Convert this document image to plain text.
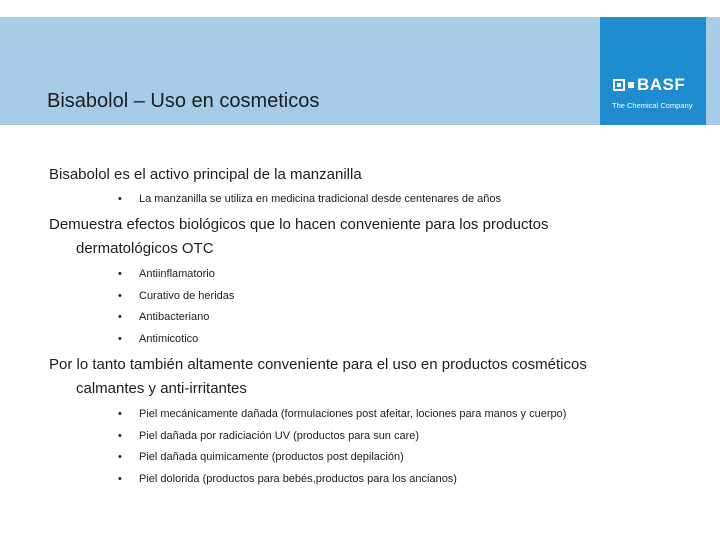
Bisabolol – Uso en cosmeticos
BASF
The Chemical Company
Bisabolol es el activo principal de la manzanilla
• La manzanilla se utiliza en medicina tradicional desde centenares de años
Demuestra efectos biológicos que lo hacen conveniente para los productos
dermatológicos OTC
• Antiinflamatorio
• Curativo de heridas
• Antibacteriano
• Antimicotico
Por lo tanto también altamente conveniente para el uso en productos cosméticos
calmantes y anti-irritantes
• Piel mecánicamente dañada (formulaciones post afeitar, lociones para manos y cuerpo)
• Piel dañada por radiciación UV (productos para sun care)
• Piel dañada quimicamente (productos post depilación)
• Piel dolorida (productos para bebés,productos para los ancianos)
